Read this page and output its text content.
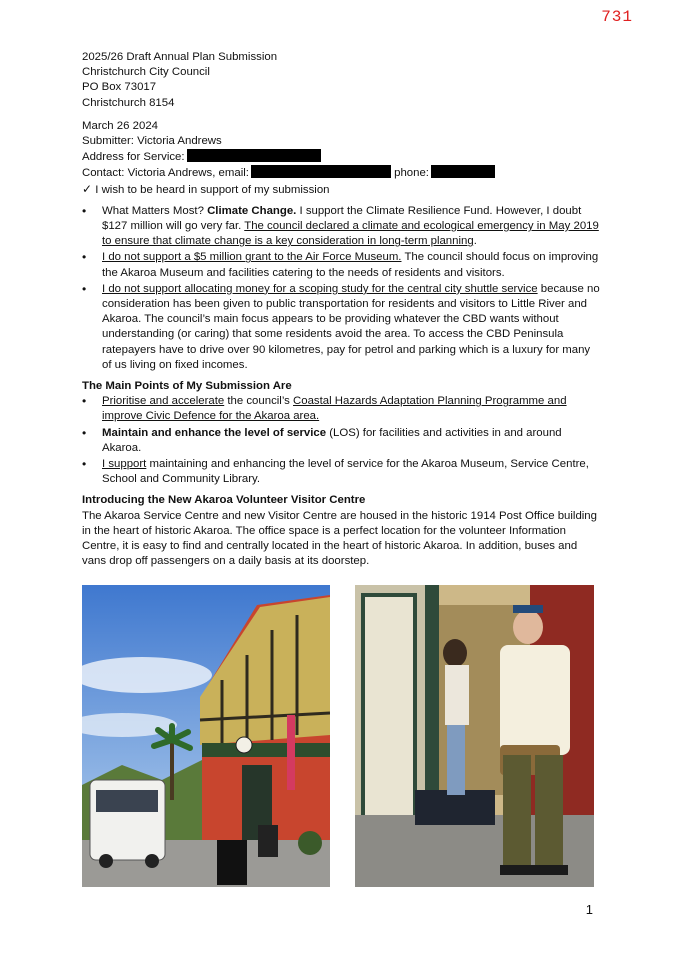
731
2025/26 Draft Annual Plan Submission
Christchurch City Council
PO Box 73017
Christchurch 8154
March 26 2024
Submitter: Victoria Andrews
Address for Service:
Contact: Victoria Andrews, email:	phone:
✓ I wish to be heard in support of my submission
• What Matters Most? Climate Change. I support the Climate Resilience Fund. However, I doubt $127 million will go very far. The council declared a climate and ecological emergency in May 2019 to ensure that climate change is a key consideration in long-term planning.
• I do not support a $5 million grant to the Air Force Museum. The council should focus on improving the Akaroa Museum and facilities catering to the needs of residents and visitors.
• I do not support allocating money for a scoping study for the central city shuttle service because no consideration has been given to public transportation for residents and visitors to Little River and Akaroa. The council’s main focus appears to be providing whatever the CBD wants without understanding (or caring) that some residents avoid the area. To access the CBD Peninsula ratepayers have to drive over 90 kilometres, pay for petrol and parking which is a luxury for many of us living on fixed incomes.
The Main Points of My Submission Are
• Prioritise and accelerate the council’s Coastal Hazards Adaptation Planning Programme and improve Civic Defence for the Akaroa area.
• Maintain and enhance the level of service (LOS) for facilities and activities in and around Akaroa.
• I support maintaining and enhancing the level of service for the Akaroa Museum, Service Centre, School and Community Library.
Introducing the New Akaroa Volunteer Visitor Centre

The Akaroa Service Centre and new Visitor Centre are housed in the historic 1914 Post Office building in the heart of historic Akaroa. The office space is a perfect location for the volunteer Information Centre, it is easy to find and centrally located in the heart of historic Akaroa. In addition, buses and vans drop off passengers on a daily basis at its doorstep.

1
